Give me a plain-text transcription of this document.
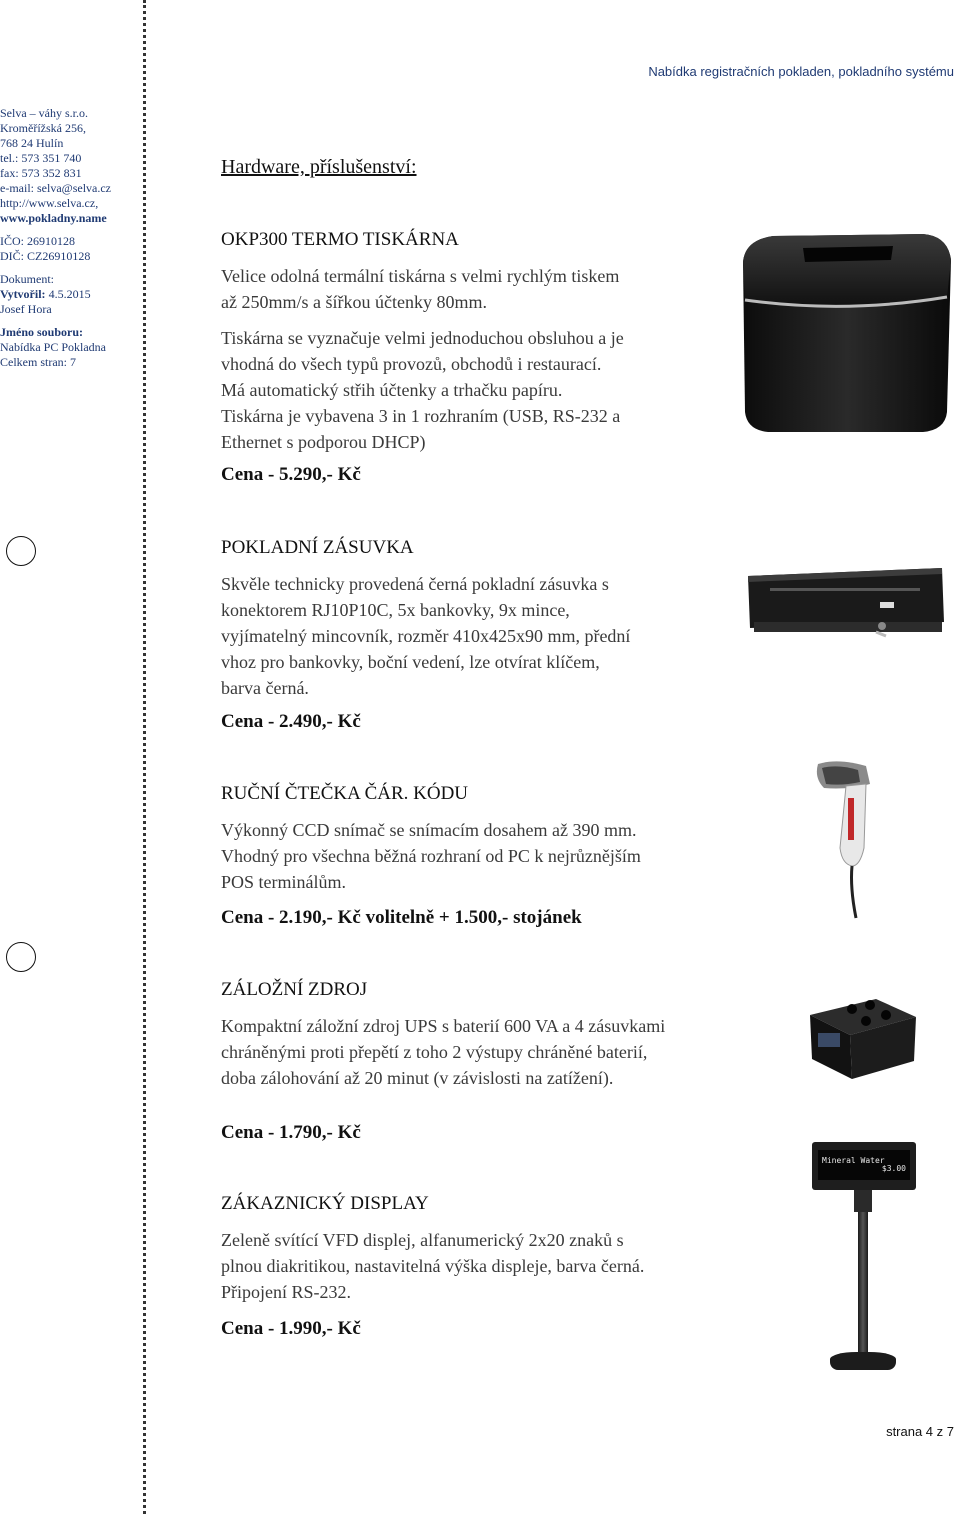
Nabídka registračních pokladen, pokladního systému
Selva – váhy s.r.o.
Kroměřížská 256,
768 24 Hulín
tel.: 573 351 740
fax: 573 352 831
e-mail: selva@selva.cz
http://www.selva.cz,
www.pokladny.name
IČO: 26910128
DIČ: CZ26910128
Dokument:
Vytvořil: 4.5.2015
Josef Hora
Jméno souboru:
Nabídka PC Pokladna
Celkem stran: 7
Hardware, příslušenství:
OKP300 TERMO TISKÁRNA

Velice odolná termální tiskárna s velmi rychlým tiskem

až 250mm/s a šířkou účtenky 80mm.

Tiskárna se vyznačuje velmi jednoduchou obsluhou a je

vhodná do všech typů provozů, obchodů i restaurací.

Má automatický střih účtenky a trhačku papíru.

Tiskárna je vybavena 3 in 1 rozhraním (USB, RS-232 a

Ethernet s podporou DHCP)

Cena - 5.290,- Kč
POKLADNÍ ZÁSUVKA

Skvěle technicky provedená černá pokladní zásuvka s

konektorem RJ10P10C, 5x bankovky, 9x mince,

vyjímatelný mincovník, rozměr 410x425x90 mm, přední

vhoz pro bankovky, boční vedení, lze otvírat klíčem,

barva černá.

Cena - 2.490,- Kč
RUČNÍ ČTEČKA ČÁR. KÓDU

Výkonný CCD snímač se snímacím dosahem až 390 mm.

Vhodný pro všechna běžná rozhraní od PC k nejrůznějším

POS terminálům.

Cena - 2.190,- Kč volitelně + 1.500,- stojánek
ZÁLOŽNÍ ZDROJ

Kompaktní záložní zdroj UPS s baterií 600 VA a 4 zásuvkami

chráněnými proti přepětí z toho 2 výstupy chráněné baterií,

doba zálohování až 20 minut (v závislosti na zatížení).

Cena - 1.790,- Kč
ZÁKAZNICKÝ DISPLAY

Zeleně svítící VFD displej, alfanumerický 2x20 znaků s

plnou diakritikou, nastavitelná výška displeje, barva černá.

Připojení RS-232.

Cena - 1.990,- Kč
Mineral Water
$3.00
strana 4 z 7
